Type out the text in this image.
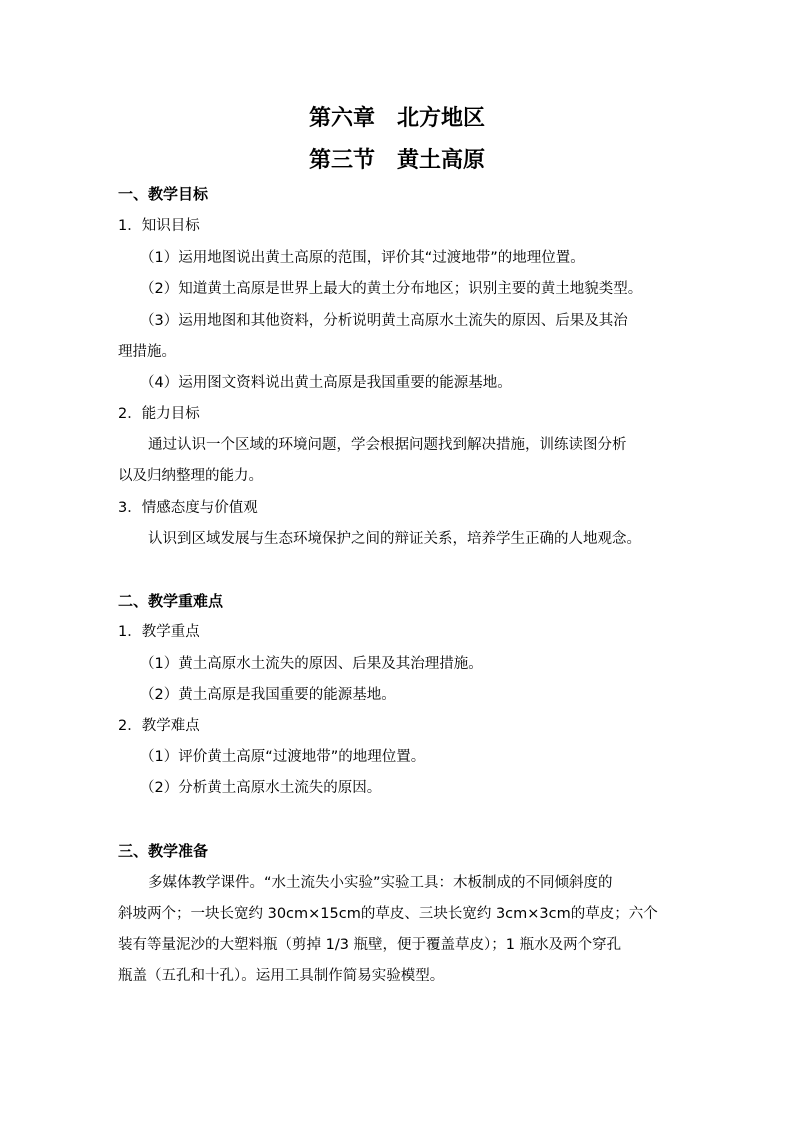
第六章　北方地区
第三节　黄土高原
一、教学目标
1．知识目标
（1）运用地图说出黄土高原的范围，评价其“过渡地带”的地理位置。
（2）知道黄土高原是世界上最大的黄土分布地区；识别主要的黄土地貌类型。
（3）运用地图和其他资料，分析说明黄土高原水土流失的原因、后果及其治
理措施。
（4）运用图文资料说出黄土高原是我国重要的能源基地。
2．能力目标
通过认识一个区域的环境问题，学会根据问题找到解决措施，训练读图分析
以及归纳整理的能力。
3．情感态度与价值观
认识到区域发展与生态环境保护之间的辩证关系，培养学生正确的人地观念。
二、教学重难点
1．教学重点
（1）黄土高原水土流失的原因、后果及其治理措施。
（2）黄土高原是我国重要的能源基地。
2．教学难点
（1）评价黄土高原“过渡地带”的地理位置。
（2）分析黄土高原水土流失的原因。
三、教学准备
多媒体教学课件。“水土流失小实验”实验工具：木板制成的不同倾斜度的
斜坡两个；一块长宽约 30cm×15cm的草皮、三块长宽约 3cm×3cm的草皮；六个
装有等量泥沙的大塑料瓶（剪掉 1/3 瓶壁，便于覆盖草皮）；1 瓶水及两个穿孔
瓶盖（五孔和十孔）。运用工具制作简易实验模型。
